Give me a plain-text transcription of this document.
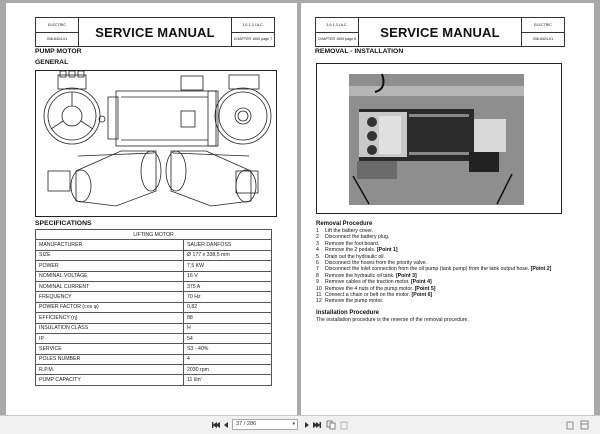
ELECTRIC
036-8424-01	SERVICE MANUAL	1,0-1,3 I.A.C.
CHAPTER 1000 page 7
PUMP MOTOR
GENERAL
SPECIFICATIONS
LIFTING MOTOR	
MANUFACTURER	SAUER DANFOSS
SIZE	Ø 177 x 338,5 mm
POWER	7,5 KW
NOMINAL VOLTAGE	16 V
NOMINAL CURRENT	375 A
FREQUENCY	70 Hz
POWER FACTOR (cos φ)	0,82
EFFICIENCY (η)	88
INSULATION CLASS	H
IP	54
SERVICE	S3 - 40%
POLES NUMBER	4
R.P.M.	2030 rpm
PUMP CAPACITY	11 l/m'
1,0-1,3 I.A.C.
CHAPTER 1000 page 8	SERVICE MANUAL	ELECTRIC
036-8424-01
REMOVAL - INSTALLATION
Removal Procedure
1	Lift the battery cover.
2	Disconnect the battery plug.
3	Remove the foot board.
4	Remove the 2 pedals. [Point 1]
5	Drain out the hydraulic oil.
6	Disconnect the hoses from the priority valve.
7	Disconnect the inlet connection from the oil pump (tank pump) from the tank output hose. [Point 2]
8	Remove the hydraulic oil tank. [Point 3]
9	Remove cables of the traction motor. [Point 4]
10 Remove the 4 nuts of the pump motor. [Point 5]
11 Connect a chain or belt on the motor. [Point 6]
12 Remove the pump motor.
Installation Procedure
The installation procedure is the reverse of the removal procedure.
37 / 286	▾
